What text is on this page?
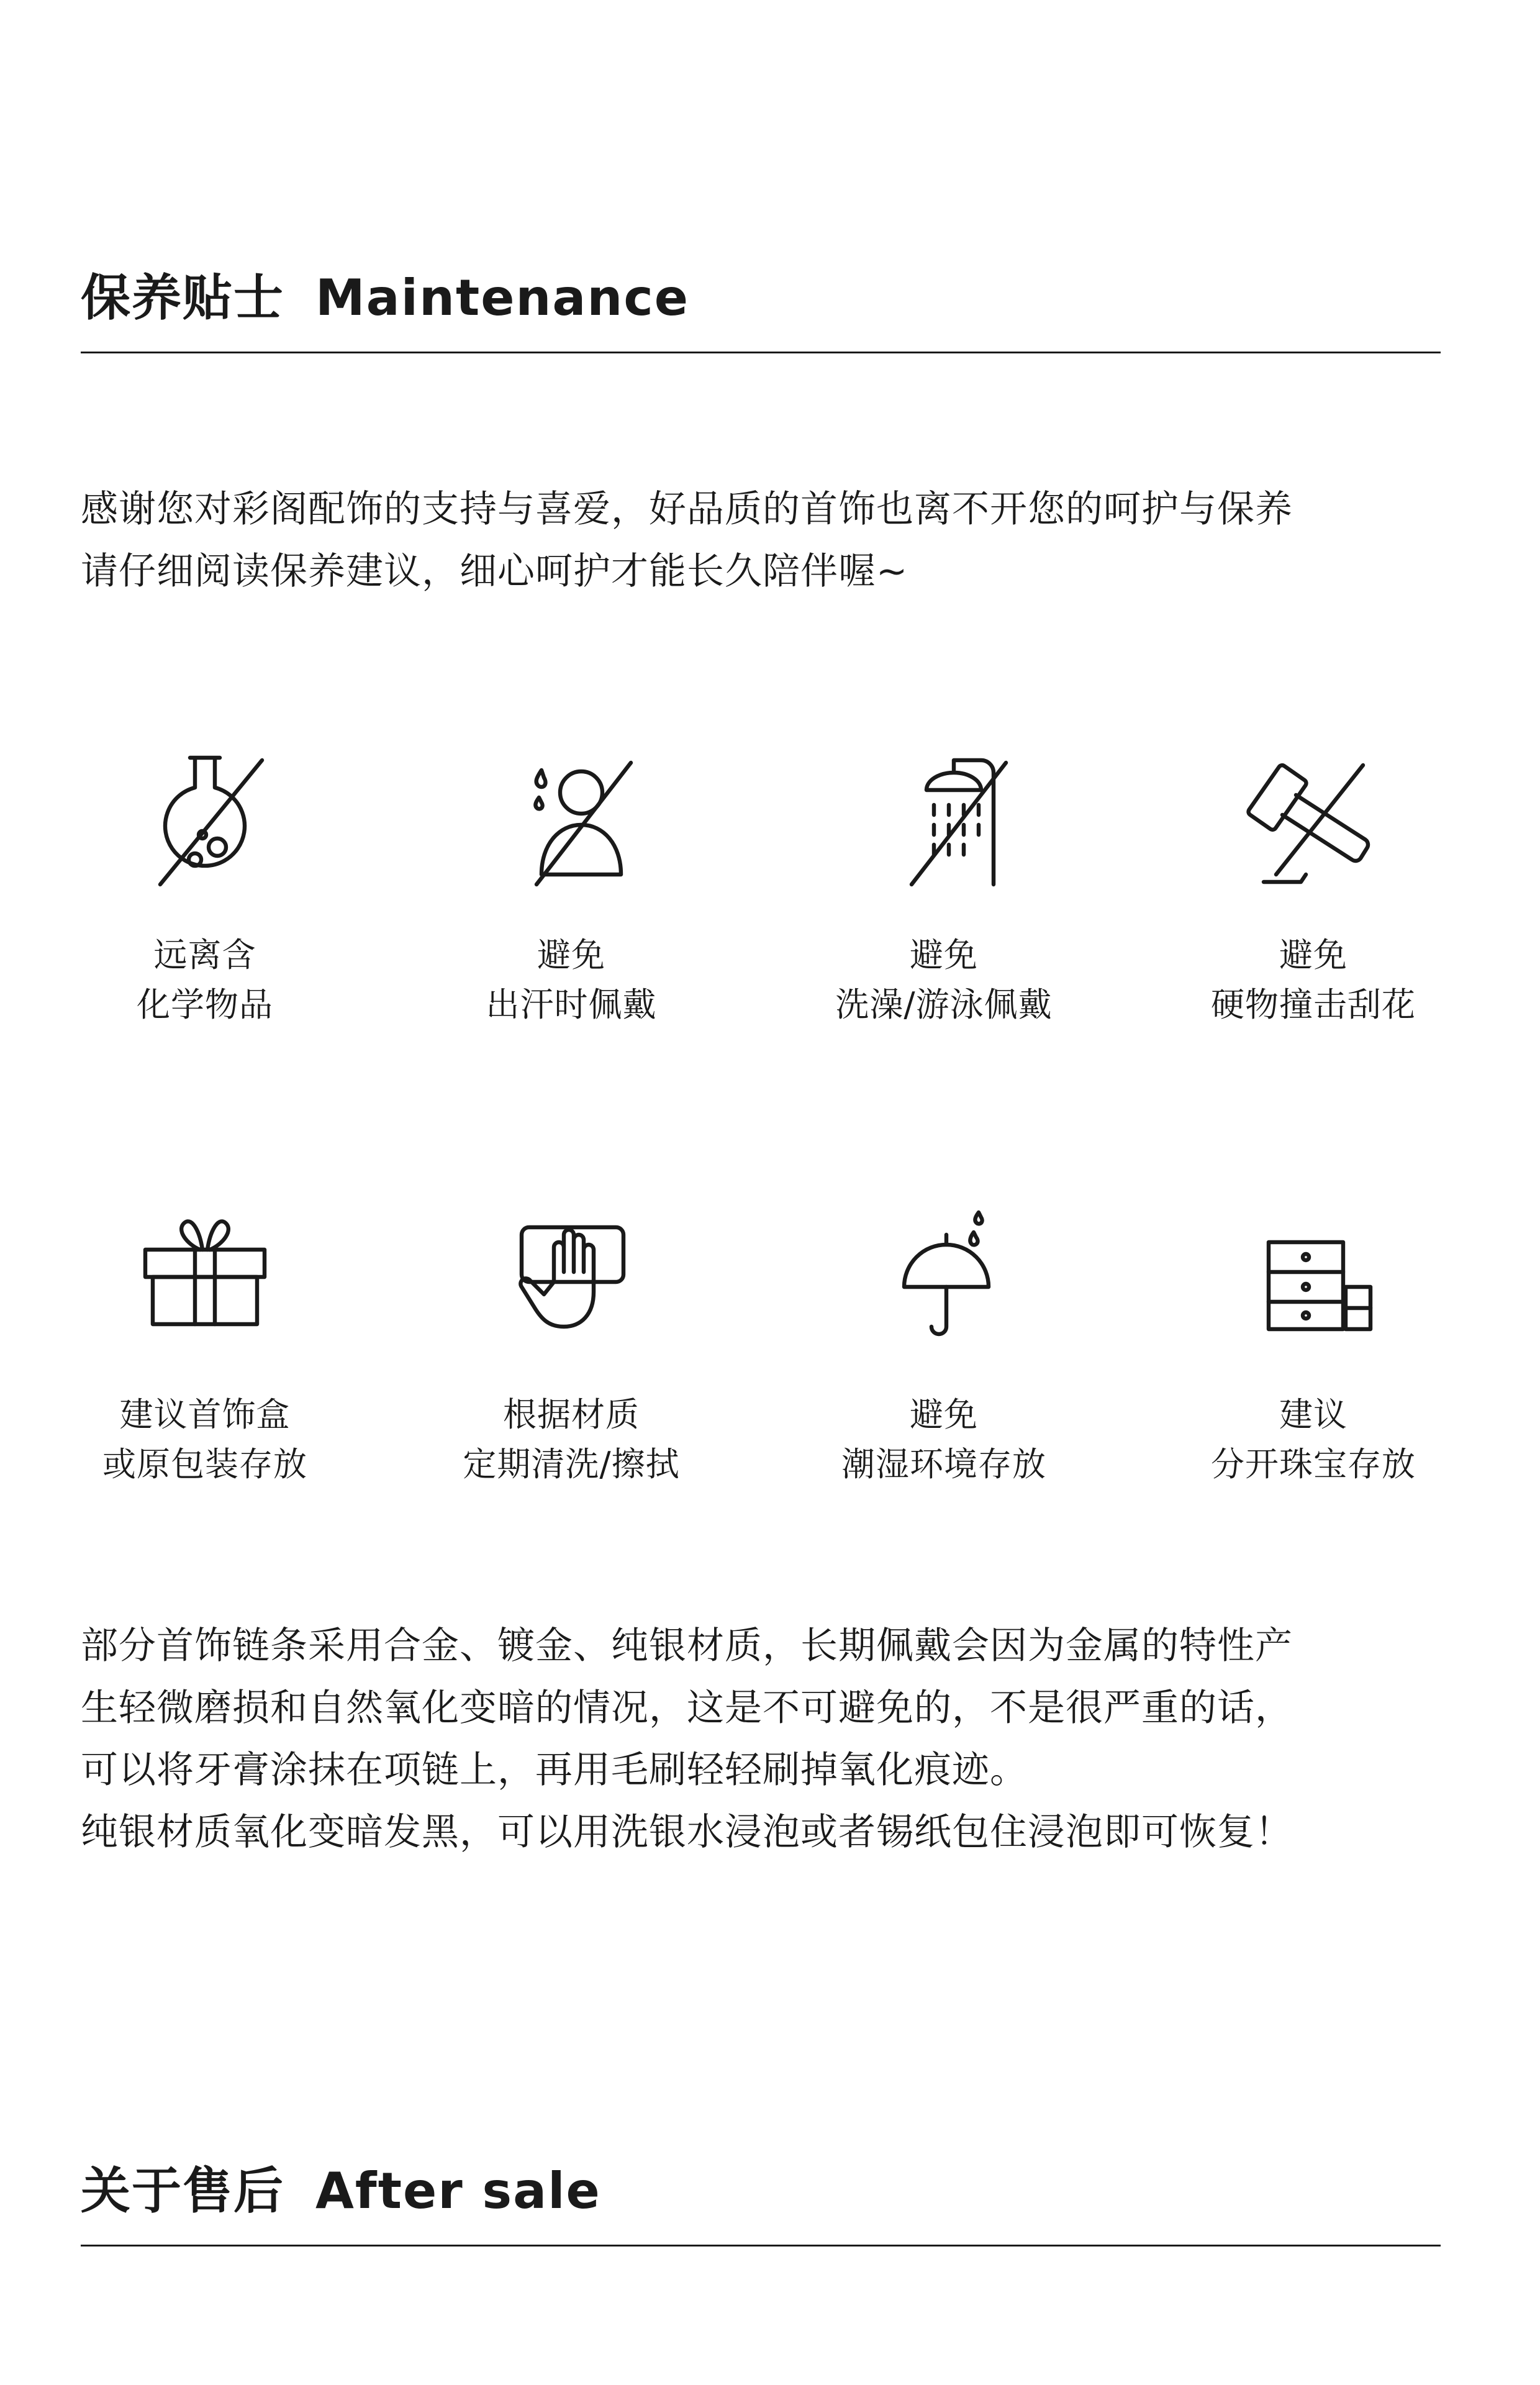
保养贴士 Maintenance

感谢您对彩阁配饰的支持与喜爱，好品质的首饰也离不开您的呵护与保养
请仔细阅读保养建议，细心呵护才能长久陪伴喔~

远离含
化学物品
避免
出汗时佩戴
避免
洗澡/游泳佩戴
避免
硬物撞击刮花
建议首饰盒
或原包装存放
根据材质
定期清洗/擦拭
避免
潮湿环境存放
建议
分开珠宝存放

部分首饰链条采用合金、镀金、纯银材质，长期佩戴会因为金属的特性产
生轻微磨损和自然氧化变暗的情况，这是不可避免的，不是很严重的话，
可以将牙膏涂抹在项链上，再用毛刷轻轻刷掉氧化痕迹。
纯银材质氧化变暗发黑，可以用洗银水浸泡或者锡纸包住浸泡即可恢复！

关于售后 After sale
